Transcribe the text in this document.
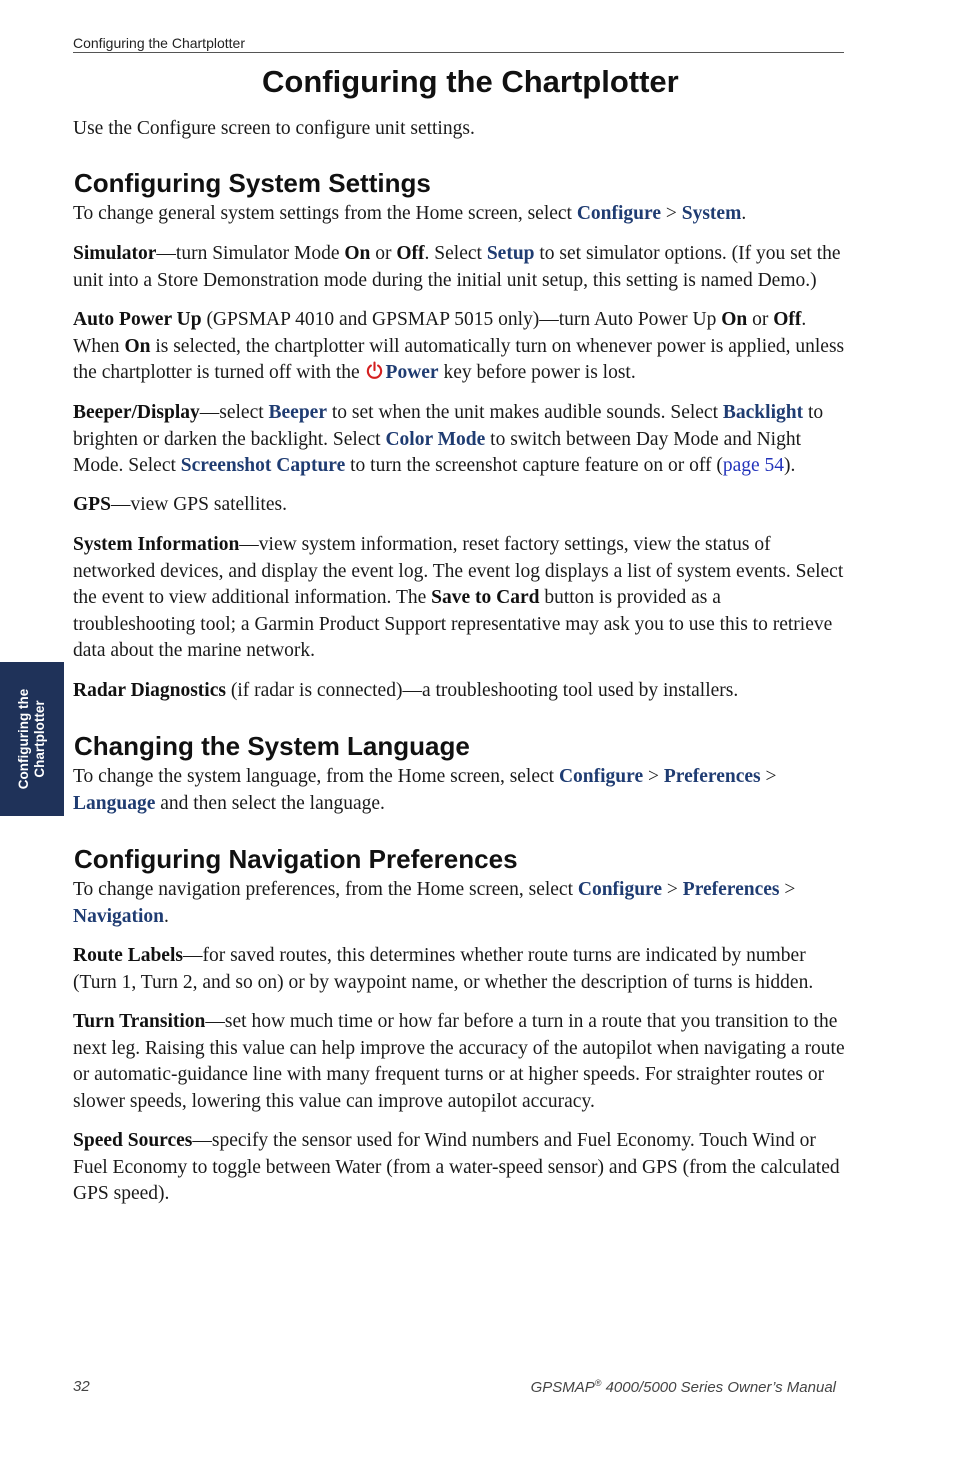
Configuring the Chartplotter
Configuring the Chartplotter

Use the Configure screen to configure unit settings.

Configuring System Settings

To change general system settings from the Home screen, select Configure > System.

Simulator—turn Simulator Mode On or Off. Select Setup to set simulator options. (If you set the unit into a Store Demonstration mode during the initial unit setup, this setting is named Demo.)

Auto Power Up (GPSMAP 4010 and GPSMAP 5015 only)—turn Auto Power Up On or Off. When On is selected, the chartplotter will automatically turn on whenever power is applied, unless the chartplotter is turned off with the Power key before power is lost.

Beeper/Display—select Beeper to set when the unit makes audible sounds. Select Backlight to brighten or darken the backlight. Select Color Mode to switch between Day Mode and Night Mode. Select Screenshot Capture to turn the screenshot capture feature on or off (page 54).

GPS—view GPS satellites.

System Information—view system information, reset factory settings, view the status of networked devices, and display the event log. The event log displays a list of system events. Select the event to view additional information. The Save to Card button is provided as a troubleshooting tool; a Garmin Product Support representative may ask you to use this to retrieve data about the marine network.

Radar Diagnostics (if radar is connected)—a troubleshooting tool used by installers.

Changing the System Language

To change the system language, from the Home screen, select Configure > Preferences > Language and then select the language.

Configuring Navigation Preferences

To change navigation preferences, from the Home screen, select Configure > Preferences > Navigation.

Route Labels—for saved routes, this determines whether route turns are indicated by number (Turn 1, Turn 2, and so on) or by waypoint name, or whether the description of turns is hidden.

Turn Transition—set how much time or how far before a turn in a route that you transition to the next leg. Raising this value can help improve the accuracy of the autopilot when navigating a route or automatic-guidance line with many frequent turns or at higher speeds. For straighter routes or slower speeds, lowering this value can improve autopilot accuracy.

Speed Sources—specify the sensor used for Wind numbers and Fuel Economy. Touch Wind or Fuel Economy to toggle between Water (from a water-speed sensor) and GPS (from the calculated GPS speed).

Configuring the
Chartplotter
32	GPSMAP® 4000/5000 Series Owner’s Manual
